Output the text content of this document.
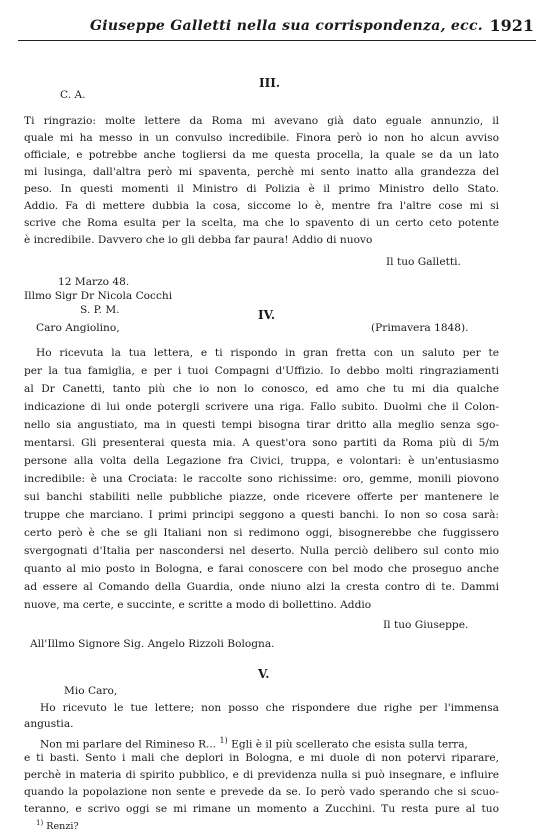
Giuseppe Galletti nella sua corrispondenza, ecc. 1921
III.
C. A.
Ti ringrazio: molte lettere da Roma mi avevano già dato eguale annunzio, il
quale mi ha messo in un convulso incredibile. Finora però io non ho alcun avviso
officiale, e potrebbe anche togliersi da me questa procella, la quale se da un lato
mi lusinga, dall'altra però mi spaventa, perchè mi sento inatto alla grandezza del
peso. In questi momenti il Ministro di Polizia è il primo Ministro dello Stato.
Addio. Fa di mettere dubbia la cosa, siccome lo è, mentre fra l'altre cose mi si
scrive che Roma esulta per la scelta, ma che lo spavento di un certo ceto potente
è incredibile. Davvero che io gli debba far paura! Addio di nuovo
Il tuo Galletti.
12 Marzo 48.
Illmo Sigr Dr Nicola Cocchi
S. P. M.	IV.
Caro Angiolino,	(Primavera 1848).
Ho ricevuta la tua lettera, e ti rispondo in gran fretta con un saluto per te
per la tua famiglia, e per i tuoi Compagni d'Uffizio. Io debbo molti ringraziamenti
al Dr Canetti, tanto più che io non lo conosco, ed amo che tu mi dia qualche
indicazione di lui onde potergli scrivere una riga. Fallo subito. Duolmi che il Colon-
nello sia angustiato, ma in questi tempi bisogna tirar dritto alla meglio senza sgo-
mentarsi. Gli presenterai questa mia. A quest'ora sono partiti da Roma più di 5/m
persone alla volta della Legazione fra Civici, truppa, e volontari: è un'entusiasmo
incredibile: è una Crociata: le raccolte sono richissime: oro, gemme, monili piovono
sui banchi stabiliti nelle pubbliche piazze, onde ricevere offerte per mantenere le
truppe che marciano. I primi principi seggono a questi banchi. Io non so cosa sarà:
certo però è che se gli Italiani non si redimono oggi, bisognerebbe che fuggissero
svergognati d'Italia per nascondersi nel deserto. Nulla perciò delibero sul conto mio
quanto al mio posto in Bologna, e farai conoscere con bel modo che proseguo anche
ad essere al Comando della Guardia, onde niuno alzi la cresta contro di te. Dammi
nuove, ma certe, e succinte, e scritte a modo di bollettino. Addio
Il tuo Giuseppe.
All'Illmo Signore Sig. Angelo Rizzoli Bologna.
V.
Mio Caro,
Ho ricevuto le tue lettere; non posso che rispondere due righe per l'immensa
angustia.
Non mi parlare del Rimineso R... $^{1)}$ Egli è il più scellerato che esista sulla terra,
e ti basti. Sento i mali che deplori in Bologna, e mi duole di non potervi riparare,
perchè in materia di spirito pubblico, e di previdenza nulla si può insegnare, e influire
quando la popolazione non sente e prevede da se. Io però vado sperando che si scuo-
teranno, e scrivo oggi se mi rimane un momento a Zucchini. Tu resta pure al tuo
$^{1)}$ Renzi?
